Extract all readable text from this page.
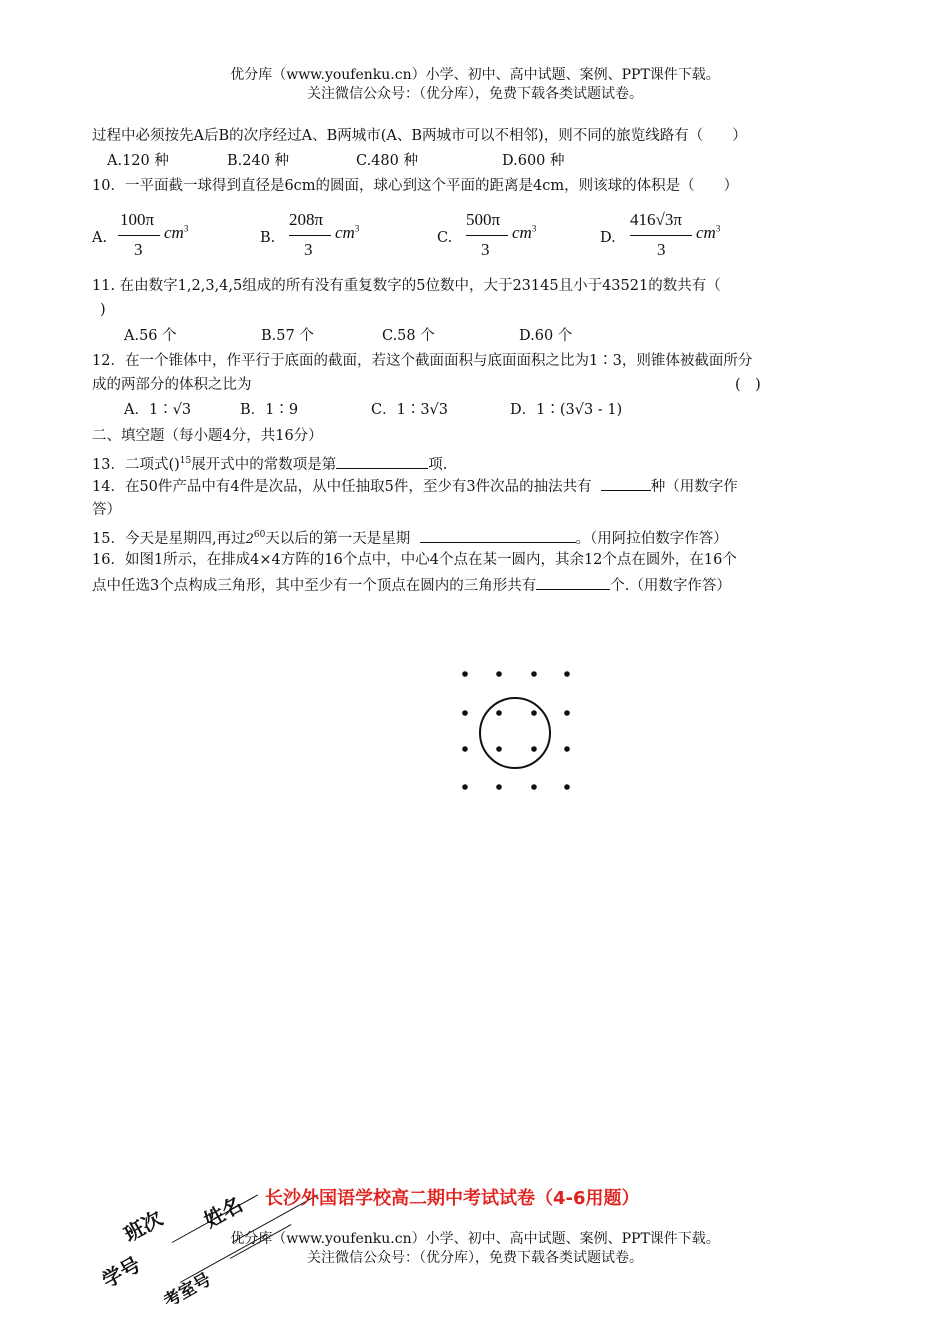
优分库（www.youfenku.cn）小学、初中、高中试题、案例、PPT课件下载。
关注微信公众号：（优分库），免费下载各类试题试卷。
过程中必须按先A后B的次序经过A、B两城市(A、B两城市可以不相邻)，则不同的旅览线路有（　　）
A.120 种	B.240 种	C.480 种	D.600 种
10．一平面截一球得到直径是6cm的圆面，球心到这个平面的距离是4cm，则该球的体积是（　　）
A.
100π
3
$cm^3$
B.
208π
3
$cm^3$
C.
500π
3
$cm^3$
D.
416√3π
3
$cm^3$
11. 在由数字1,2,3,4,5组成的所有没有重复数字的5位数中，大于23145且小于43521的数共有（
)
A.56 个	B.57 个	C.58 个	D.60 个
12．在一个锥体中，作平行于底面的截面，若这个截面面积与底面面积之比为1∶3，则锥体被截面所分
成的两部分的体积之比为	(　)
A．1∶√3	B．1∶9	C．1∶3√3	D．1∶(3√3 - 1)
二、填空题（每小题4分，共16分）
13．二项式()$^{15}$展开式中的常数项是第	项.
14．在50件产品中有4件是次品，从中任抽取5件，至少有3件次品的抽法共有	种（用数字作
答）
15．今天是星期四,再过$2^{60}$天以后的第一天是星期	。（用阿拉伯数字作答）
16．如图1所示，在排成4×4方阵的16个点中，中心4个点在某一圆内，其余12个点在圆外，在16个
点中任选3个点构成三角形，其中至少有一个顶点在圆内的三角形共有	个.（用数字作答）
班次 姓名
学号 考室号
长沙外国语学校高二期中考试试卷（4-6用题）
优分库（www.youfenku.cn）小学、初中、高中试题、案例、PPT课件下载。
关注微信公众号：（优分库），免费下载各类试题试卷。
